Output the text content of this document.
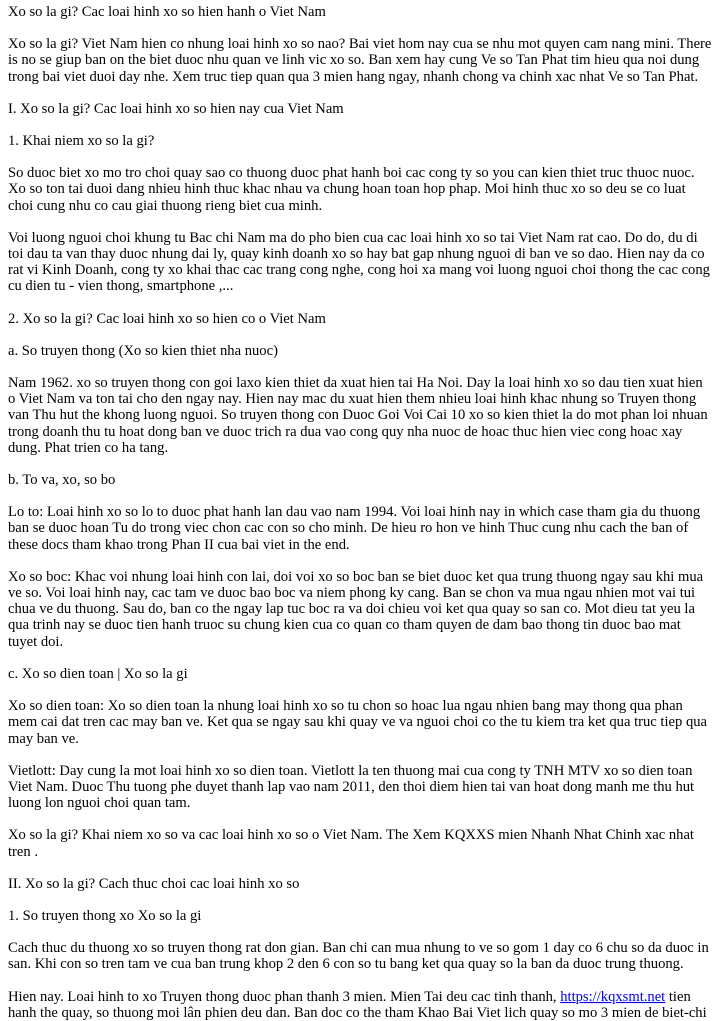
Xo so la gi? Cac loai hinh xo so hien hanh o Viet Nam

Xo so la gi? Viet Nam hien co nhung loai hinh xo so nao? Bai viet hom nay cua se nhu mot quyen cam nang mini. There is no se giup ban on the biet duoc nhu quan ve linh vic xo so. Ban xem hay cung Ve so Tan Phat tim hieu qua noi dung trong bai viet duoi day nhe. Xem truc tiep quan qua 3 mien hang ngay, nhanh chong va chinh xac nhat Ve so Tan Phat.

I. Xo so la gi? Cac loai hinh xo so hien nay cua Viet Nam

1. Khai niem xo so la gi?

So duoc biet xo mo tro choi quay sao co thuong duoc phat hanh boi cac cong ty so you can kien thiet truc thuoc nuoc. Xo so ton tai duoi dang nhieu hinh thuc khac nhau va chung hoan toan hop phap. Moi hinh thuc xo so deu se co luat choi cung nhu co cau giai thuong rieng biet cua minh.

Voi luong nguoi choi khung tu Bac chi Nam ma do pho bien cua cac loai hinh xo so tai Viet Nam rat cao. Do do, du di toi dau ta van thay duoc nhung dai ly, quay kinh doanh xo so hay bat gap nhung nguoi di ban ve so dao. Hien nay da co rat vi Kinh Doanh, cong ty xo khai thac cac trang cong nghe, cong hoi xa mang voi luong nguoi choi thong the cac cong cu dien tu - vien thong, smartphone ,...

2. Xo so la gi? Cac loai hinh xo so hien co o Viet Nam

a. So truyen thong (Xo so kien thiet nha nuoc)

Nam 1962. xo so truyen thong con goi laxo kien thiet da xuat hien tai Ha Noi. Day la loai hinh xo so dau tien xuat hien o Viet Nam va ton tai cho den ngay nay. Hien nay mac du xuat hien them nhieu loai hinh khac nhung so Truyen thong van Thu hut the khong luong nguoi. So truyen thong con Duoc Goi Voi Cai 10 xo so kien thiet la do mot phan loi nhuan trong doanh thu tu hoat dong ban ve duoc trich ra dua vao cong quy nha nuoc de hoac thuc hien viec cong hoac xay dung. Phat trien co ha tang.

b. To va, xo, so bo

Lo to: Loai hinh xo so lo to duoc phat hanh lan dau vao nam 1994. Voi loai hinh nay in which case tham gia du thuong ban se duoc hoan Tu do trong viec chon cac con so cho minh. De hieu ro hon ve hinh Thuc cung nhu cach the ban of these docs tham khao trong Phan II cua bai viet in the end.

Xo so boc: Khac voi nhung loai hinh con lai, doi voi xo so boc ban se biet duoc ket qua trung thuong ngay sau khi mua ve so. Voi loai hinh nay, cac tam ve duoc bao boc va niem phong ky cang. Ban se chon va mua ngau nhien mot vai tui chua ve du thuong. Sau do, ban co the ngay lap tuc boc ra va doi chieu voi ket qua quay so san co. Mot dieu tat yeu la qua trinh nay se duoc tien hanh truoc su chung kien cua co quan co tham quyen de dam bao thong tin duoc bao mat tuyet doi.

c. Xo so dien toan | Xo so la gi

Xo so dien toan: Xo so dien toan la nhung loai hinh xo so tu chon so hoac lua ngau nhien bang may thong qua phan mem cai dat tren cac may ban ve. Ket qua se ngay sau khi quay ve va nguoi choi co the tu kiem tra ket qua truc tiep qua may ban ve.

Vietlott: Day cung la mot loai hinh xo so dien toan. Vietlott la ten thuong mai cua cong ty TNH MTV xo so dien toan Viet Nam. Duoc Thu tuong phe duyet thanh lap vao nam 2011, den thoi diem hien tai van hoat dong manh me thu hut luong lon nguoi choi quan tam.

Xo so la gi? Khai niem xo so va cac loai hinh xo so o Viet Nam. The Xem KQXXS mien Nhanh Nhat Chinh xac nhat tren .

II. Xo so la gi? Cach thuc choi cac loai hinh xo so

1. So truyen thong xo Xo so la gi

Cach thuc du thuong xo so truyen thong rat don gian. Ban chi can mua nhung to ve so gom 1 day co 6 chu so da duoc in san. Khi con so tren tam ve cua ban trung khop 2 den 6 con so tu bang ket qua quay so la ban da duoc trung thuong.

Hien nay. Loai hinh to xo Truyen thong duoc phan thanh 3 mien. Mien Tai deu cac tinh thanh, https://kqxsmt.net tien hanh the quay, so thuong moi lân phien deu dan. Ban doc co the tham Khao Bai Viet lich quay so mo 3 mien de biet-chi
